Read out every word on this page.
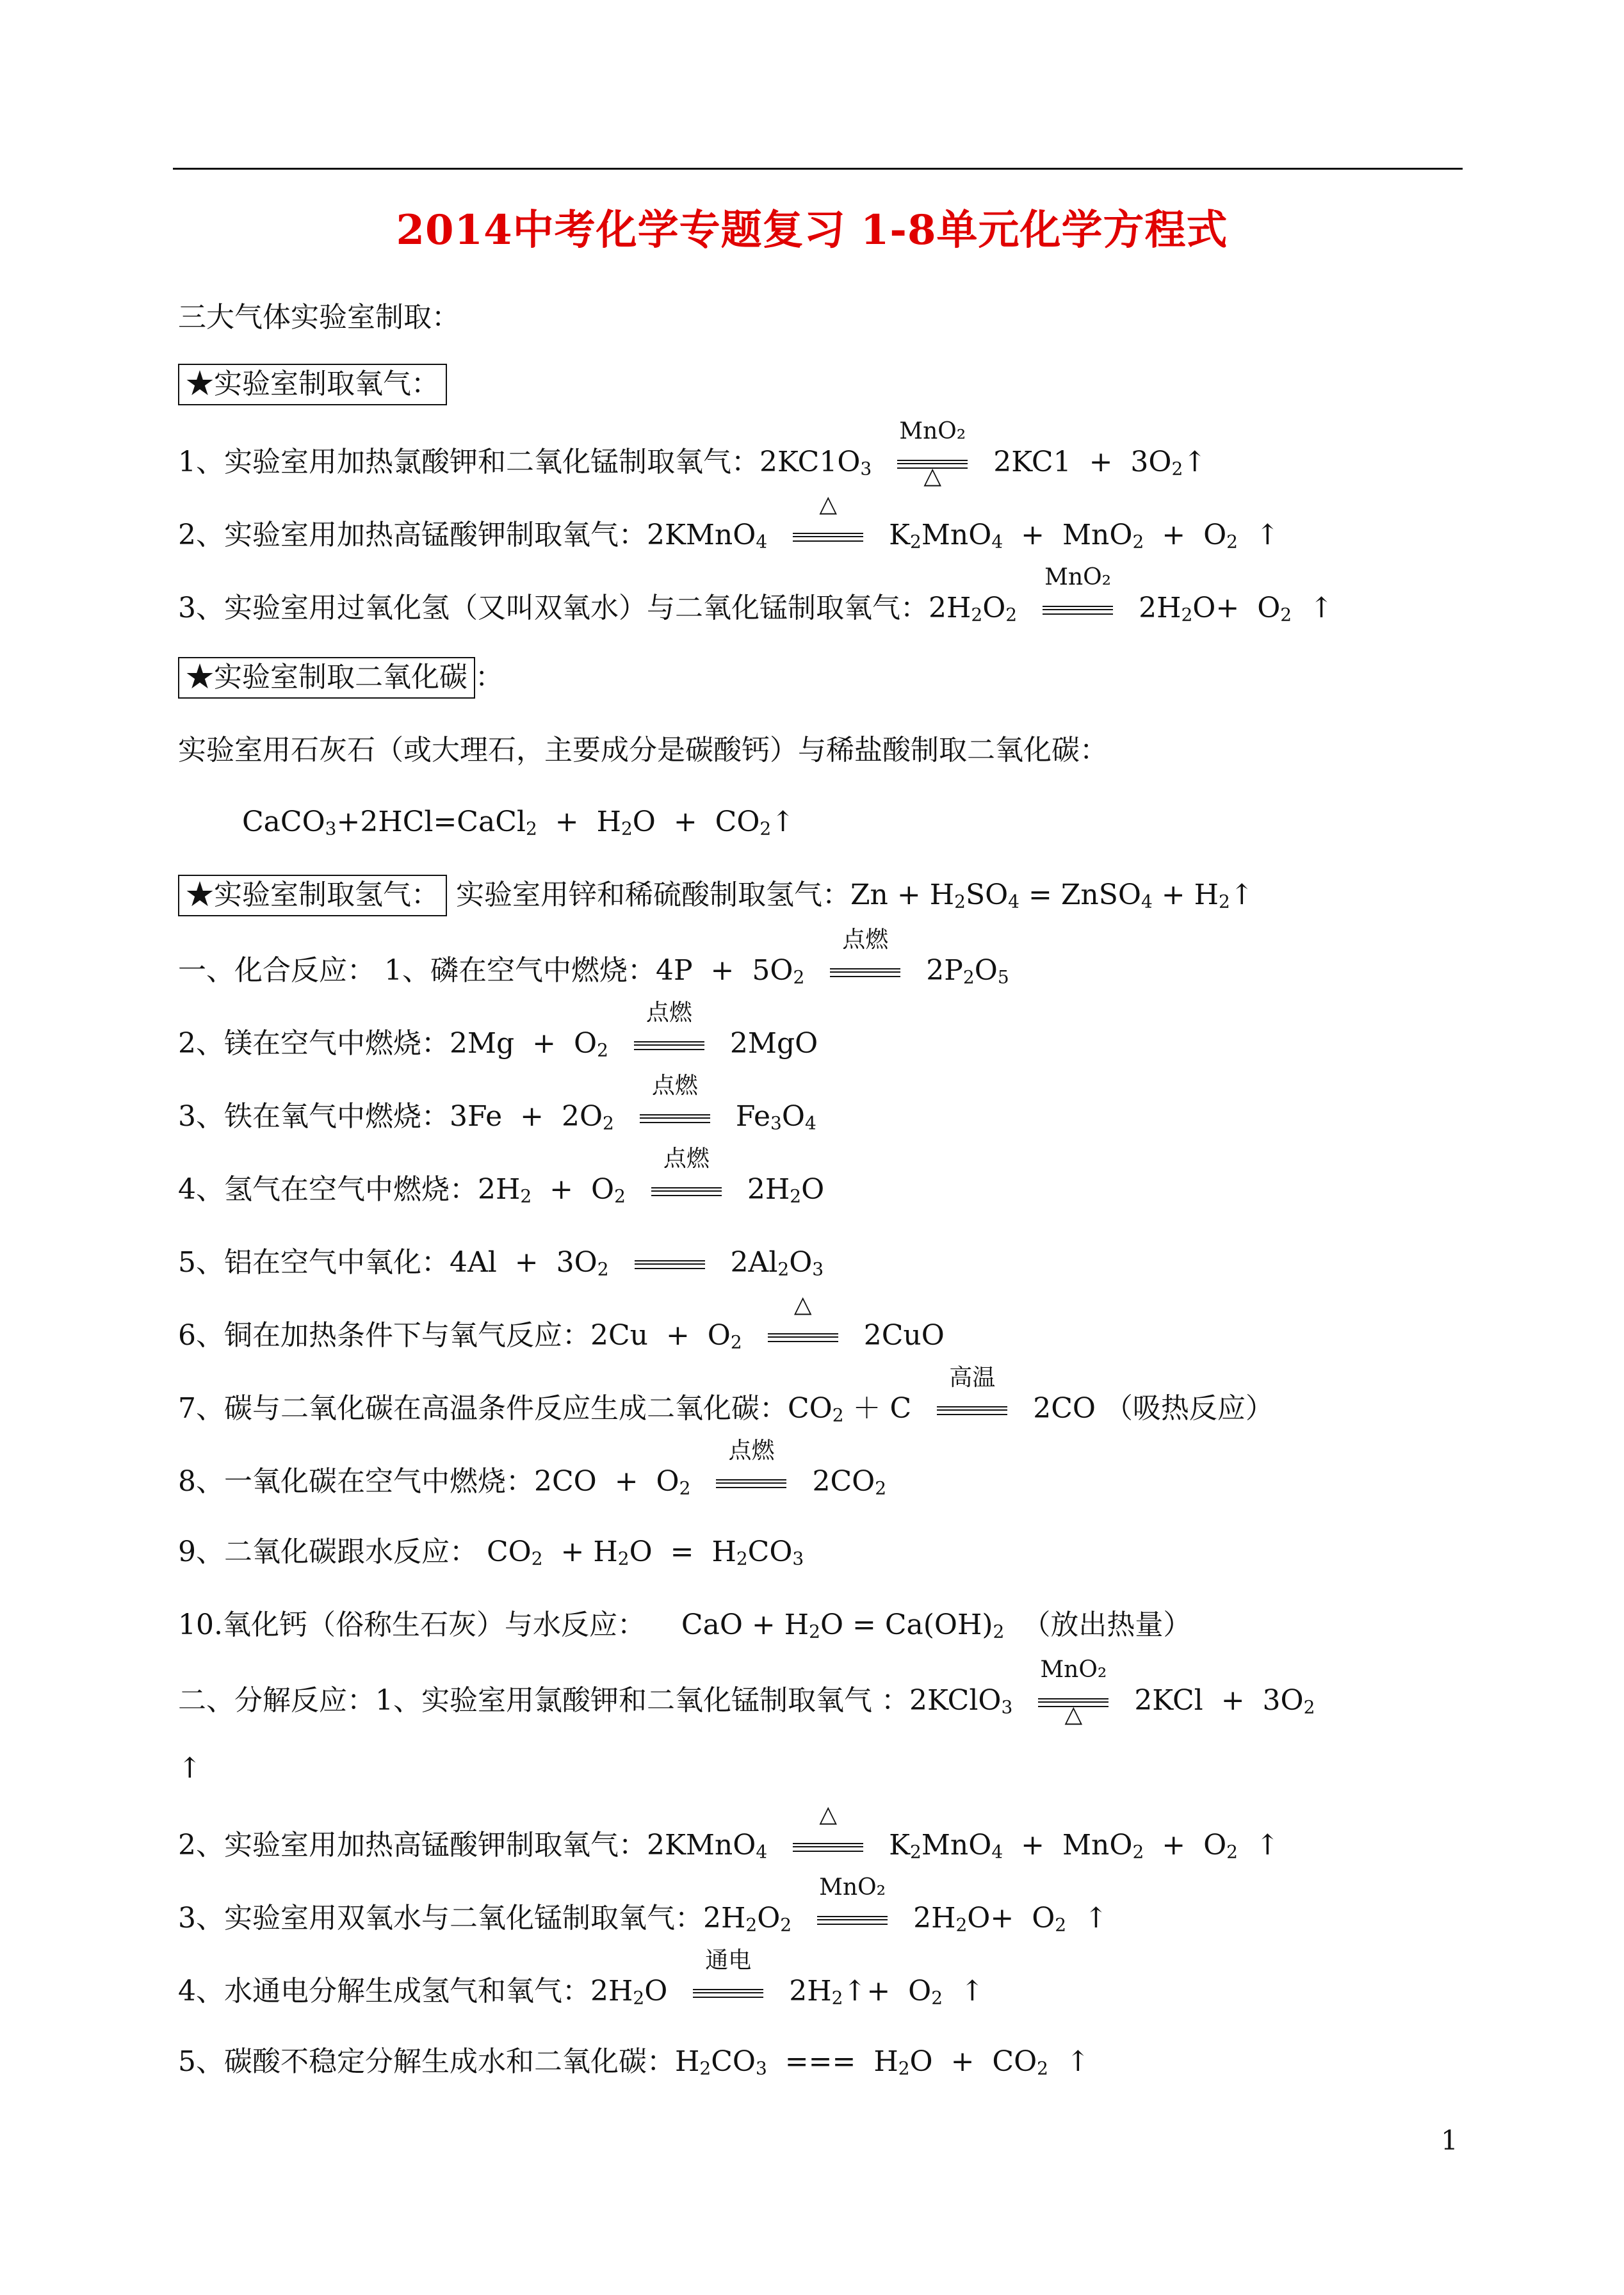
2014中考化学专题复习 1-8单元化学方程式
三大气体实验室制取：
★实验室制取氧气：
1、实验室用加热氯酸钾和二氧化锰制取氧气：$2KC1O_3$
MnO₂
△	$2KC1 + 3O_2↑$
2、实验室用加热高锰酸钾制取氧气：2KMnO$_4$
△
$K_2MnO_4 + MnO_2 + O_2$  ↑
3、实验室用过氧化氢（又叫双氧水）与二氧化锰制取氧气：$2H_2O_2$
MnO₂
$2H_2O+ O_2$  ↑
★实验室制取二氧化碳 ：
实验室用石灰石（或大理石，主要成分是碳酸钙）与稀盐酸制取二氧化碳：
CaCO$_3$+2HCl=CaCl$_2$  +  $H_2O$  +  $CO_2↑$
★实验室制取氢气： 实验室用锌和稀硫酸制取氢气：$Zn + H_2SO_4$ = ZnSO$_4$ + $H_2↑$
一、化合反应： 1、磷在空气中燃烧：$4P + 5O_2$
点燃
$2P_2O_5$
2、镁在空气中燃烧：$2Mg + O_2$
点燃
2MgO
3、铁在氧气中燃烧：$3Fe + 2O_2$
点燃
$Fe_3O_4$
4、氢气在空气中燃烧：$2H_2 + O_2$
点燃
$2H_2O$
5、铝在空气中氧化：$4Al + 3O_2$	$2Al_2O_3$
6、铜在加热条件下与氧气反应：$2Cu + O_2$
△
2CuO
7、碳与二氧化碳在高温条件反应生成二氧化碳：$CO_2 + C$
高温
2CO （吸热反应）
8、一氧化碳在空气中燃烧：$2CO + O_2$
点燃
$2CO_2$
9、二氧化碳跟水反应： $CO_2 + H_2O = H_2CO_3$
10.氧化钙（俗称生石灰）与水反应：    CaO + $H_2O = Ca(OH)_2$  （放出热量）
二、分解反应：1、实验室用氯酸钾和二氧化锰制取氧气 ：2KClO$_3$
MnO₂
△	$2KCl + 3O_2$
↑
2、实验室用加热高锰酸钾制取氧气：2KMnO$_4$
△
$K_2MnO_4 + MnO_2 + O_2$  ↑
3、实验室用双氧水与二氧化锰制取氧气：$2H_2O_2$
MnO₂
$2H_2O+ O_2$  ↑
4、水通电分解生成氢气和氧气：$2H_2O$
通电
$2H_2↑+ O_2$  ↑
5、碳酸不稳定分解生成水和二氧化碳：$H_2CO_3$  ===  $H_2O + CO_2$  ↑
1
